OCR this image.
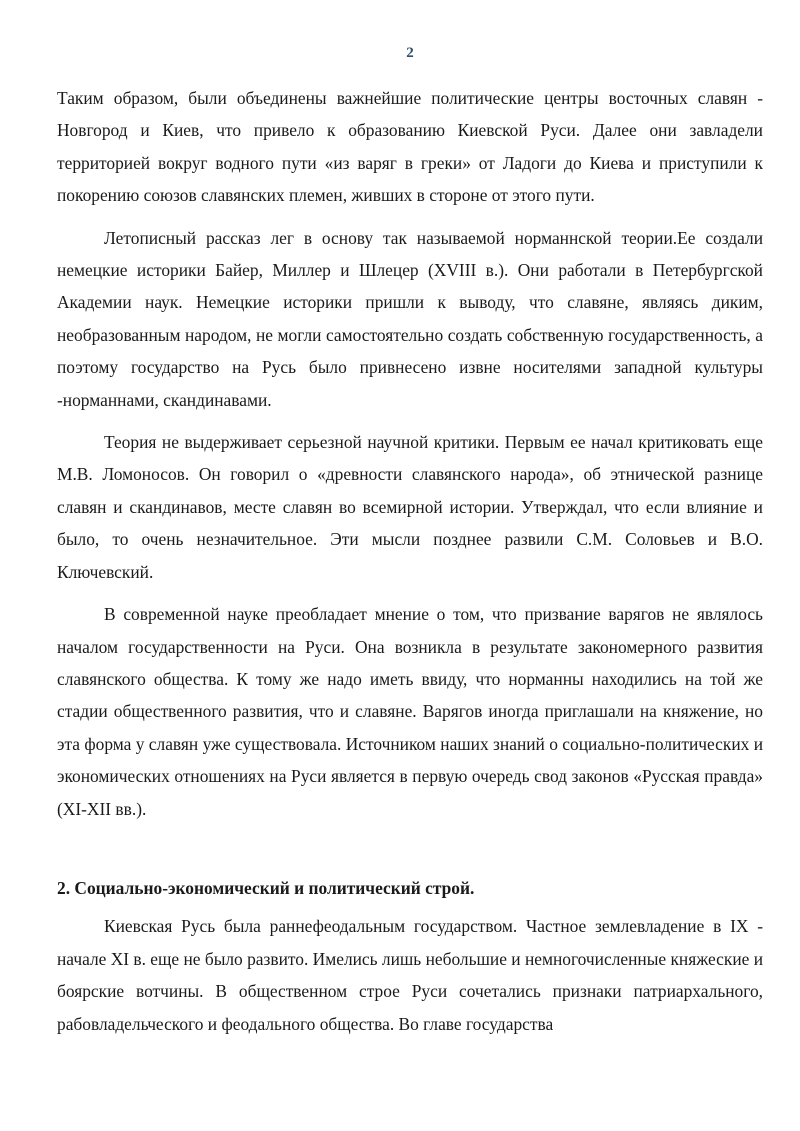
2

Таким образом, были объединены важнейшие политические центры восточных славян - Новгород и Киев, что привело к образованию Киевской Руси. Далее они завладели территорией вокруг водного пути «из варяг в греки» от Ладоги до Киева и приступили к покорению союзов славянских племен, живших в стороне от этого пути.

Летописный рассказ лег в основу так называемой норманнской теории.Ее создали немецкие историки Байер, Миллер и Шлецер (XVIII в.). Они работали в Петербургской Академии наук. Немецкие историки пришли к выводу, что славяне, являясь диким, необразованным народом, не могли самостоятельно создать собственную государственность, а поэтому государство на Русь было привнесено извне носителями западной культуры -норманнами, скандинавами.

Теория не выдерживает серьезной научной критики. Первым ее начал критиковать еще М.В. Ломоносов. Он говорил о «древности славянского народа», об этнической разнице славян и скандинавов, месте славян во всемирной истории. Утверждал, что если влияние и было, то очень незначительное. Эти мысли позднее развили С.М. Соловьев и В.О. Ключевский.

В современной науке преобладает мнение о том, что призвание варягов не являлось началом государственности на Руси. Она возникла в результате закономерного развития славянского общества. К тому же надо иметь ввиду, что норманны находились на той же стадии общественного развития, что и славяне. Варягов иногда приглашали на княжение, но эта форма у славян уже существовала. Источником наших знаний о социально-политических и экономических отношениях на Руси является в первую очередь свод законов «Русская правда» (XI-XII вв.).

2. Социально-экономический и политический строй.

Киевская Русь была раннефеодальным государством. Частное землевладение в IX - начале XI в. еще не было развито. Имелись лишь небольшие и немногочисленные княжеские и боярские вотчины. В общественном строе Руси сочетались признаки патриархального, рабовладельческого и феодального общества. Во главе государства
